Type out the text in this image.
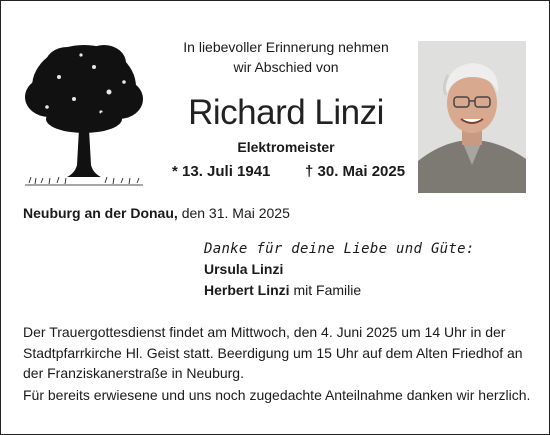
In liebevoller Erinnerung nehmen
wir Abschied von
Richard Linzi
Elektromeister
* 13. Juli 1941 † 30. Mai 2025
Neuburg an der Donau, den 31. Mai 2025
Danke für deine Liebe und Güte:
Ursula Linzi
Herbert Linzi mit Familie
Der Trauergottesdienst findet am Mittwoch, den 4. Juni 2025 um 14 Uhr in der Stadtpfarrkirche Hl. Geist statt. Beerdigung um 15 Uhr auf dem Alten Friedhof an der Franziskanerstraße in Neuburg.
Für bereits erwiesene und uns noch zugedachte Anteilnahme danken wir herzlich.
